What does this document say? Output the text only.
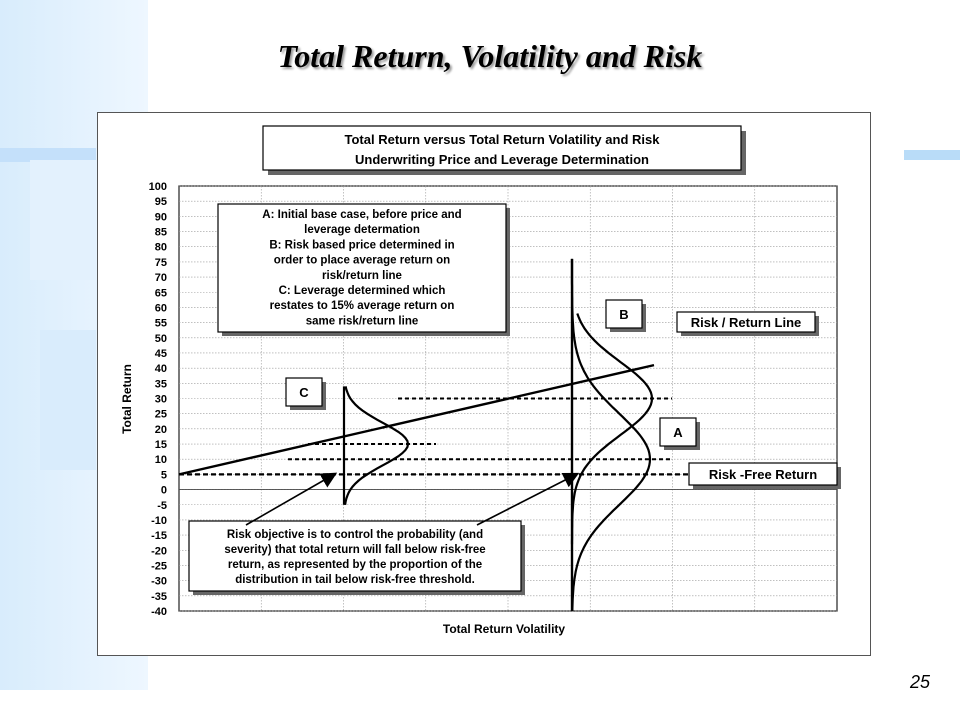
Total Return, Volatility and Risk
100
95
90
85
80
75
70
65
60
55
50
45
40
35
30
25
20
15
10
5
0
-5
-10
-15
-20
-25
-30
-35
-40
Total Return Volatility
Total Return
Total Return versus Total Return Volatility and Risk
Underwriting Price and Leverage Determination
C
B
A
Risk / Return Line
Risk -Free Return
A: Initial base case, before price and
leverage determation
B: Risk based price determined in
order to place average return on
risk/return line
C: Leverage determined which
restates to 15% average return on
same risk/return line
Risk objective is to control the probability (and
severity) that total return will fall below risk-free
return, as represented by the proportion of the
distribution in tail below risk-free threshold.
25
